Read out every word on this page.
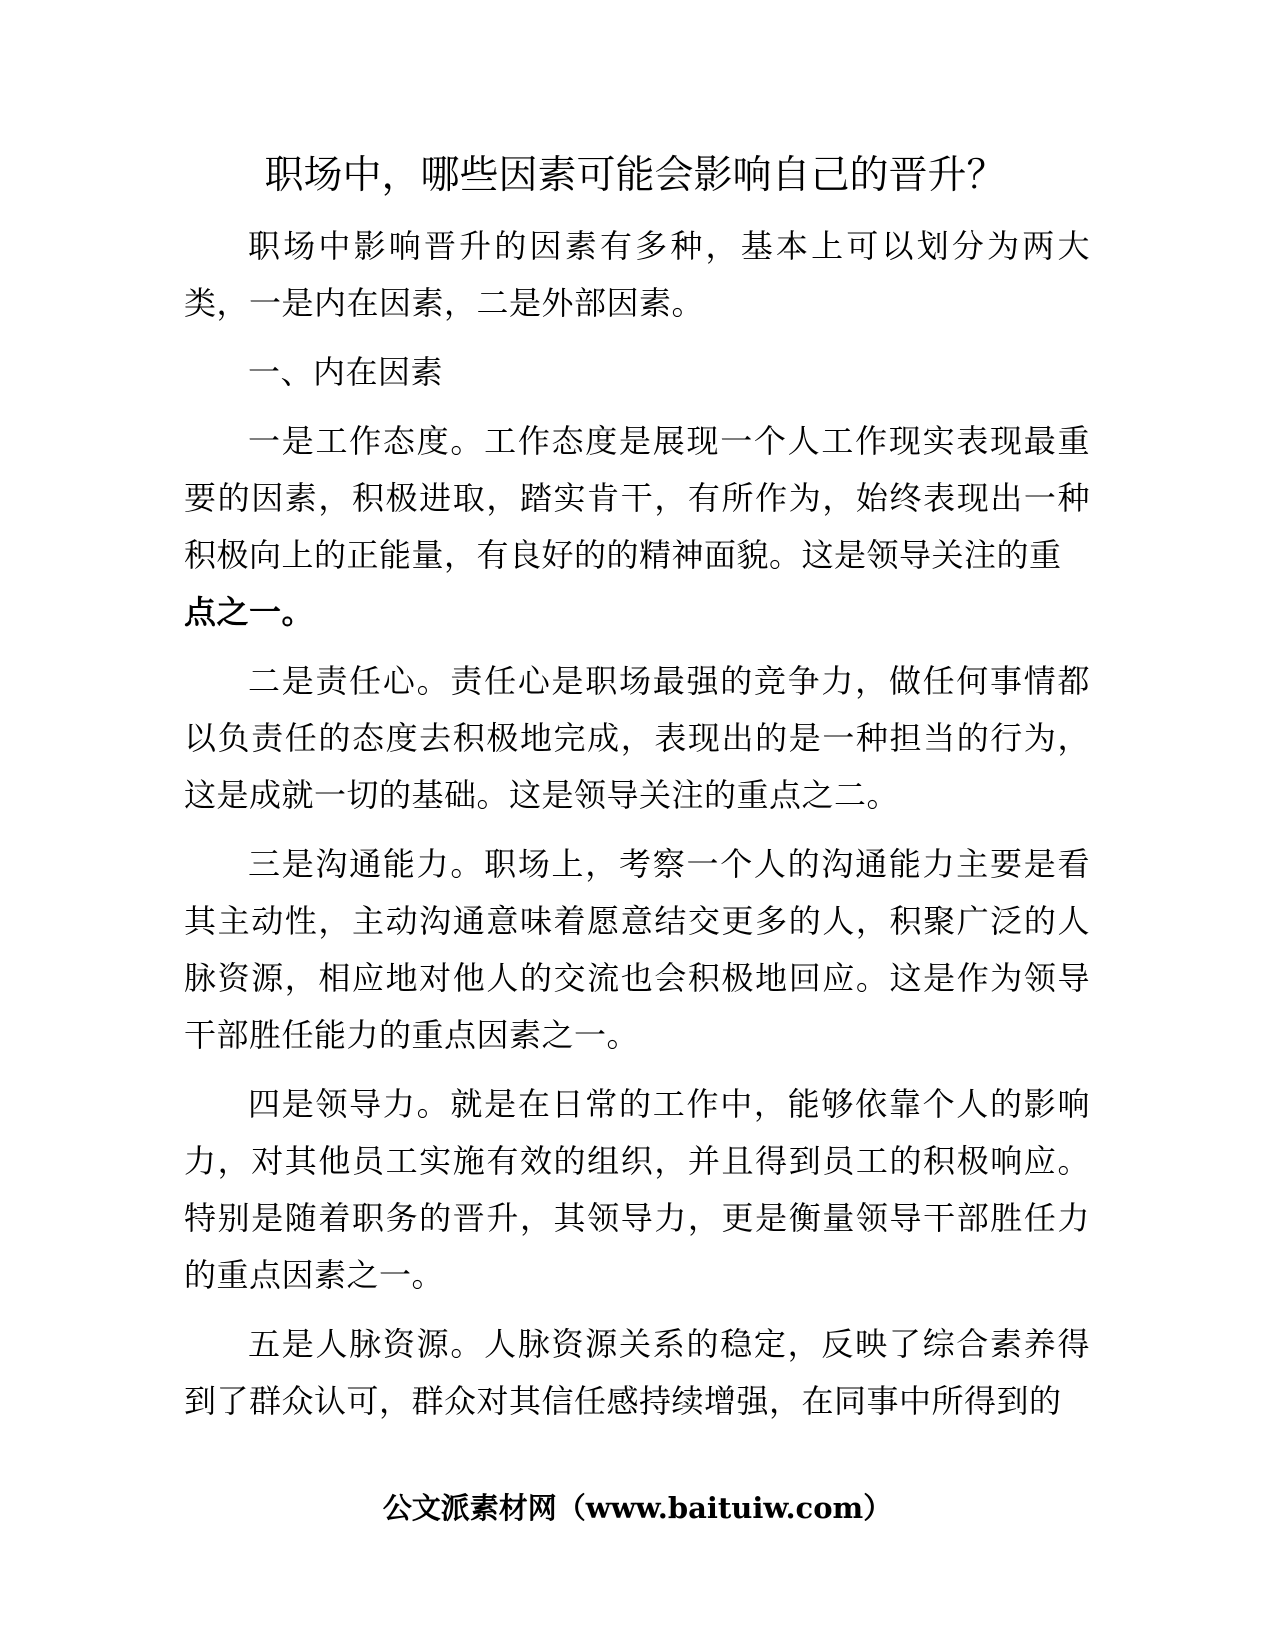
职场中，哪些因素可能会影响自己的晋升？

职场中影响晋升的因素有多种，基本上可以划分为两大类，一是内在因素，二是外部因素。

一、内在因素

一是工作态度。工作态度是展现一个人工作现实表现最重要的因素，积极进取，踏实肯干，有所作为，始终表现出一种积极向上的正能量，有良好的的精神面貌。这是领导关注的重

点之一。

二是责任心。责任心是职场最强的竞争力，做任何事情都以负责任的态度去积极地完成，表现出的是一种担当的行为，这是成就一切的基础。这是领导关注的重点之二。

三是沟通能力。职场上，考察一个人的沟通能力主要是看其主动性，主动沟通意味着愿意结交更多的人，积聚广泛的人脉资源，相应地对他人的交流也会积极地回应。这是作为领导干部胜任能力的重点因素之一。

四是领导力。就是在日常的工作中，能够依靠个人的影响力，对其他员工实施有效的组织，并且得到员工的积极响应。特别是随着职务的晋升，其领导力，更是衡量领导干部胜任力的重点因素之一。

五是人脉资源。人脉资源关系的稳定，反映了综合素养得到了群众认可，群众对其信任感持续增强，在同事中所得到的

公文派素材网（www.baituiw.com）
